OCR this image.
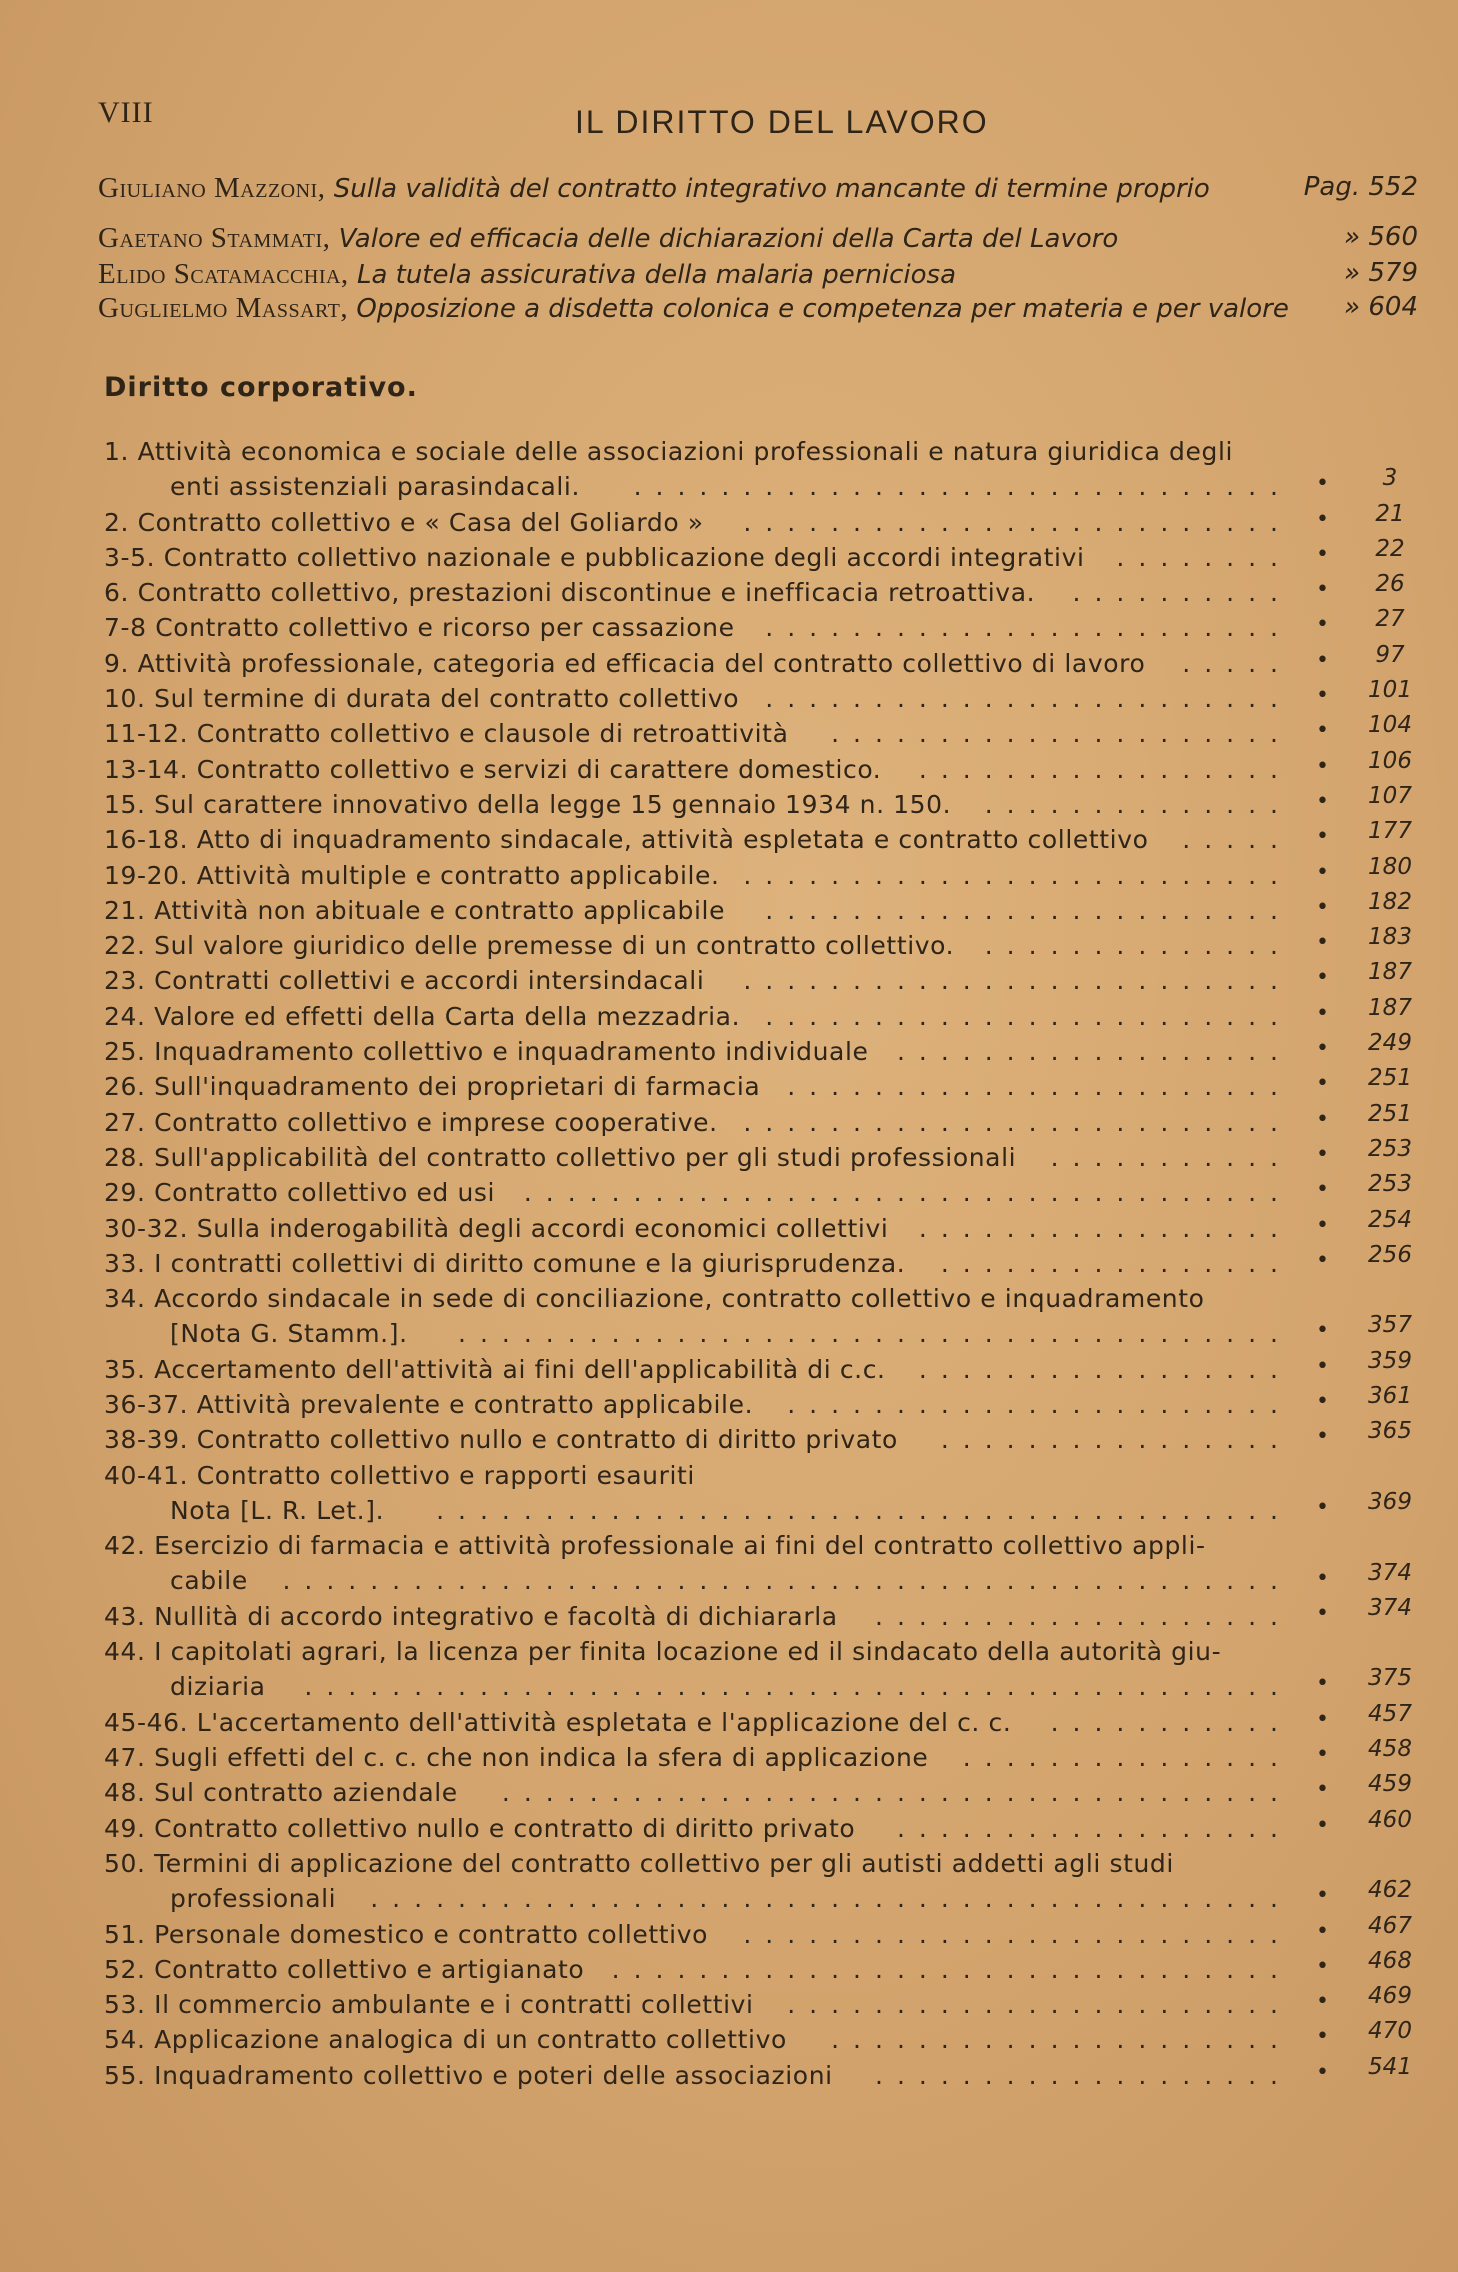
VIII	IL DIRITTO DEL LAVORO
Giuliano Mazzoni, Sulla validità del contratto integrativo mancante di termine proprio	Pag. 552
Gaetano Stammati, Valore ed efficacia delle dichiarazioni della Carta del Lavoro	» 560
Elido Scatamacchia, La tutela assicurativa della malaria perniciosa	» 579
Guglielmo Massart, Opposizione a disdetta colonica e competenza per materia e per valore » 604
Diritto corporativo.
1. Attività economica e sociale delle associazioni professionali e natura giuridica degli
enti assistenziali parasindacali. .............................. •	3
2. Contratto collettivo e « Casa del Goliardo » ......................... •	21
3-5. Contratto collettivo nazionale e pubblicazione degli accordi integrativi ........ •	22
6. Contratto collettivo, prestazioni discontinue e inefficacia retroattiva. .......... •	26
7-8 Contratto collettivo e ricorso per cassazione ........................ •	27
9. Attività professionale, categoria ed efficacia del contratto collettivo di lavoro ..... •	97
10. Sul termine di durata del contratto collettivo ........................ •	101
11-12. Contratto collettivo e clausole di retroattività ..................... •	104
13-14. Contratto collettivo e servizi di carattere domestico. ................. •	106
15. Sul carattere innovativo della legge 15 gennaio 1934 n. 150. .............. •	107
16-18. Atto di inquadramento sindacale, attività espletata e contratto collettivo ..... •	177
19-20. Attività multiple e contratto applicabile. ......................... •	180
21. Attività non abituale e contratto applicabile ........................ •	182
22. Sul valore giuridico delle premesse di un contratto collettivo. .............. •	183
23. Contratti collettivi e accordi intersindacali ......................... •	187
24. Valore ed effetti della Carta della mezzadria. ........................ •	187
25. Inquadramento collettivo e inquadramento individuale .................. •	249
26. Sull'inquadramento dei proprietari di farmacia ....................... •	251
27. Contratto collettivo e imprese cooperative. ......................... •	251
28. Sull'applicabilità del contratto collettivo per gli studi professionali ........... •	253
29. Contratto collettivo ed usi ................................... •	253
30-32. Sulla inderogabilità degli accordi economici collettivi ................. •	254
33. I contratti collettivi di diritto comune e la giurisprudenza. ................ •	256
34. Accordo sindacale in sede di conciliazione, contratto collettivo e inquadramento
[Nota G. Stamm.]. ...................................... •	357
35. Accertamento dell'attività ai fini dell'applicabilità di c.c. ................. •	359
36-37. Attività prevalente e contratto applicabile. ....................... •	361
38-39. Contratto collettivo nullo e contratto di diritto privato ................ •	365
40-41. Contratto collettivo e rapporti esauriti
Nota [L. R. Let.]. ....................................... •	369
42. Esercizio di farmacia e attività professionale ai fini del contratto collettivo appli-
cabile .............................................. •	374
43. Nullità di accordo integrativo e facoltà di dichiararla ................... •	374
44. I capitolati agrari, la licenza per finita locazione ed il sindacato della autorità giu-
diziaria ............................................. •	375
45-46. L'accertamento dell'attività espletata e l'applicazione del c. c. ........... •	457
47. Sugli effetti del c. c. che non indica la sfera di applicazione ............... •	458
48. Sul contratto aziendale .................................... •	459
49. Contratto collettivo nullo e contratto di diritto privato .................. •	460
50. Termini di applicazione del contratto collettivo per gli autisti addetti agli studi
professionali .......................................... •	462
51. Personale domestico e contratto collettivo ......................... •	467
52. Contratto collettivo e artigianato ............................... •	468
53. Il commercio ambulante e i contratti collettivi ....................... •	469
54. Applicazione analogica di un contratto collettivo ..................... •	470
55. Inquadramento collettivo e poteri delle associazioni ................... •	541
